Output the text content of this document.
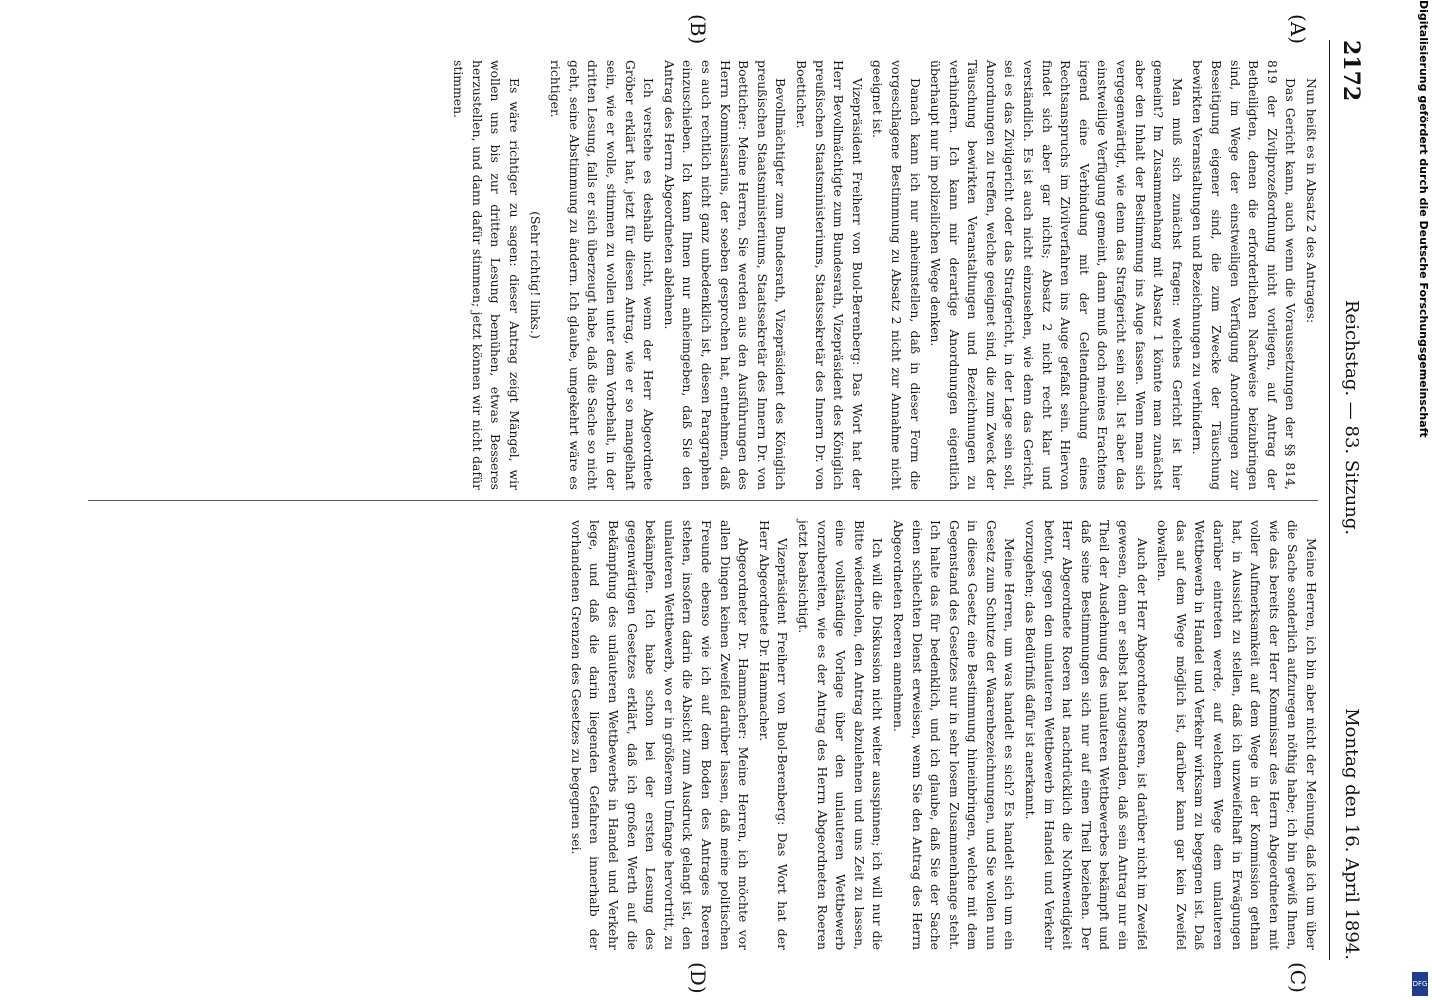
2172
Reichstag. — 83. Sitzung.
Montag den 16. April 1894.
(A)
(B)
(C)
(D)

Nun heißt es in Absatz 2 des Antrages:

Das Gericht kann, auch wenn die Voraussetzungen der §§ 814, 819 der Zivilprozeßordnung nicht vorliegen, auf Antrag der Betheiligten, denen die erforderlichen Nachweise beizubringen sind, im Wege der einstweiligen Verfügung Anordnungen zur Beseitigung eigener sind, die zum Zwecke der Täuschung bewirkten Veranstaltungen und Bezeichnungen zu verhindern.

Man muß sich zunächst fragen: welches Gericht ist hier gemeint? Im Zusammenhang mit Absatz 1 könnte man zunächst aber den Inhalt der Bestimmung ins Auge fassen. Wenn man sich vergegenwärtigt, wie denn das Strafgericht sein soll. Ist aber das einstweilige Verfügung gemeint, dann muß doch meines Erachtens irgend eine Verbindung mit der Geltendmachung eines Rechtsanspruchs im Zivilverfahren ins Auge gefaßt sein. Hiervon findet sich aber gar nichts; Absatz 2 nicht recht klar und verständlich. Es ist auch nicht einzusehen, wie denn das Gericht, sei es das Zivilgericht oder das Strafgericht, in der Lage sein soll, Anordnungen zu treffen, welche geeignet sind, die zum Zweck der Täuschung bewirkten Veranstaltungen und Bezeichnungen zu verhindern. Ich kann mir derartige Anordnungen eigentlich überhaupt nur im polizeilichen Wege denken.

Danach kann ich nur anheimstellen, daß in dieser Form die vorgeschlagene Bestimmung zu Absatz 2 nicht zur Annahme nicht geeignet ist.

Vizepräsident Freiherr von Buol-Berenberg: Das Wort hat der Herr Bevollmächtigte zum Bundesrath, Vizepräsident des Königlich preußischen Staatsministeriums, Staatssekretär des Innern Dr. von Boetticher.

Bevollmächtigter zum Bundesrath, Vizepräsident des Königlich preußischen Staatsministeriums, Staatssekretär des Innern Dr. von Boetticher: Meine Herren, Sie werden aus den Ausführungen des Herrn Kommissarius, der soeben gesprochen hat, entnehmen, daß es auch rechtlich nicht ganz unbedenklich ist, diesen Paragraphen einzuschieben. Ich kann Ihnen nur anheimgeben, daß Sie den Antrag des Herrn Abgeordneten ablehnen.

Ich verstehe es deshalb nicht, wenn der Herr Abgeordnete Gröber erklärt hat, jetzt für diesen Antrag, wie er so mangelhaft sein, wie er wolle, stimmen zu wollen unter dem Vorbehalt, in der dritten Lesung, falls er sich überzeugt habe, daß die Sache so nicht geht, seine Abstimmung zu ändern. Ich glaube, umgekehrt wäre es richtiger.

(Sehr richtig! links.)

Es wäre richtiger zu sagen: dieser Antrag zeigt Mängel, wir wollen uns bis zur dritten Lesung bemühen, etwas Besseres herzustellen, und dann dafür stimmen; jetzt können wir nicht dafür stimmen.

Meine Herren, ich bin aber nicht der Meinung, daß ich um über die Sache sonderlich aufzuregen nöthig habe; ich bin gewiß Ihnen, wie das bereits der Herr Kommissar des Herrn Abgeordneten mit voller Aufmerksamkeit auf dem Wege in der Kommission gethan hat, in Aussicht zu stellen, daß ich unzweifelhaft in Erwägungen darüber eintreten werde, auf welchem Wege dem unlauteren Wettbewerb in Handel und Verkehr wirksam zu begegnen ist. Daß das auf dem Wege möglich ist, darüber kann gar kein Zweifel obwalten.

Auch der Herr Abgeordnete Roeren, ist darüber nicht im Zweifel gewesen, denn er selbst hat zugestanden, daß sein Antrag nur ein Theil der Ausdehnung des unlauteren Wettbewerbes bekämpft und daß seine Bestimmungen sich nur auf einen Theil beziehen. Der Herr Abgeordnete Roeren hat nachdrücklich die Nothwendigkeit betont, gegen den unlauteren Wettbewerb im Handel und Verkehr vorzugehen; das Bedürfniß dafür ist anerkannt.

Meine Herren, um was handelt es sich? Es handelt sich um ein Gesetz zum Schutze der Waarenbezeichnungen, und Sie wollen nun in dieses Gesetz eine Bestimmung hineinbringen, welche mit dem Gegenstand des Gesetzes nur in sehr losem Zusammenhange steht. Ich halte das für bedenklich, und ich glaube, daß Sie der Sache einen schlechten Dienst erweisen, wenn Sie den Antrag des Herrn Abgeordneten Roeren annehmen.

Ich will die Diskussion nicht weiter ausspinnen; ich will nur die Bitte wiederholen, den Antrag abzulehnen und uns Zeit zu lassen, eine vollständige Vorlage über den unlauteren Wettbewerb vorzubereiten, wie es der Antrag des Herrn Abgeordneten Roeren jetzt beabsichtigt.

Vizepräsident Freiherr von Buol-Berenberg: Das Wort hat der Herr Abgeordnete Dr. Hammacher.

Abgeordneter Dr. Hammacher: Meine Herren, ich möchte vor allen Dingen keinen Zweifel darüber lassen, daß meine politischen Freunde ebenso wie ich auf dem Boden des Antrages Roeren stehen, insofern darin die Absicht zum Ausdruck gelangt ist, den unlauteren Wettbewerb, wo er in größerem Umfange hervortritt, zu bekämpfen. Ich habe schon bei der ersten Lesung des gegenwärtigen Gesetzes erklärt, daß ich großen Werth auf die Bekämpfung des unlauteren Wettbewerbs in Handel und Verkehr lege, und daß die darin liegenden Gefahren innerhalb der vorhandenen Grenzen des Gesetzes zu begegnen sei.

Digitalisierung gefördert durch die Deutsche Forschungsgemeinschaft
DFG
